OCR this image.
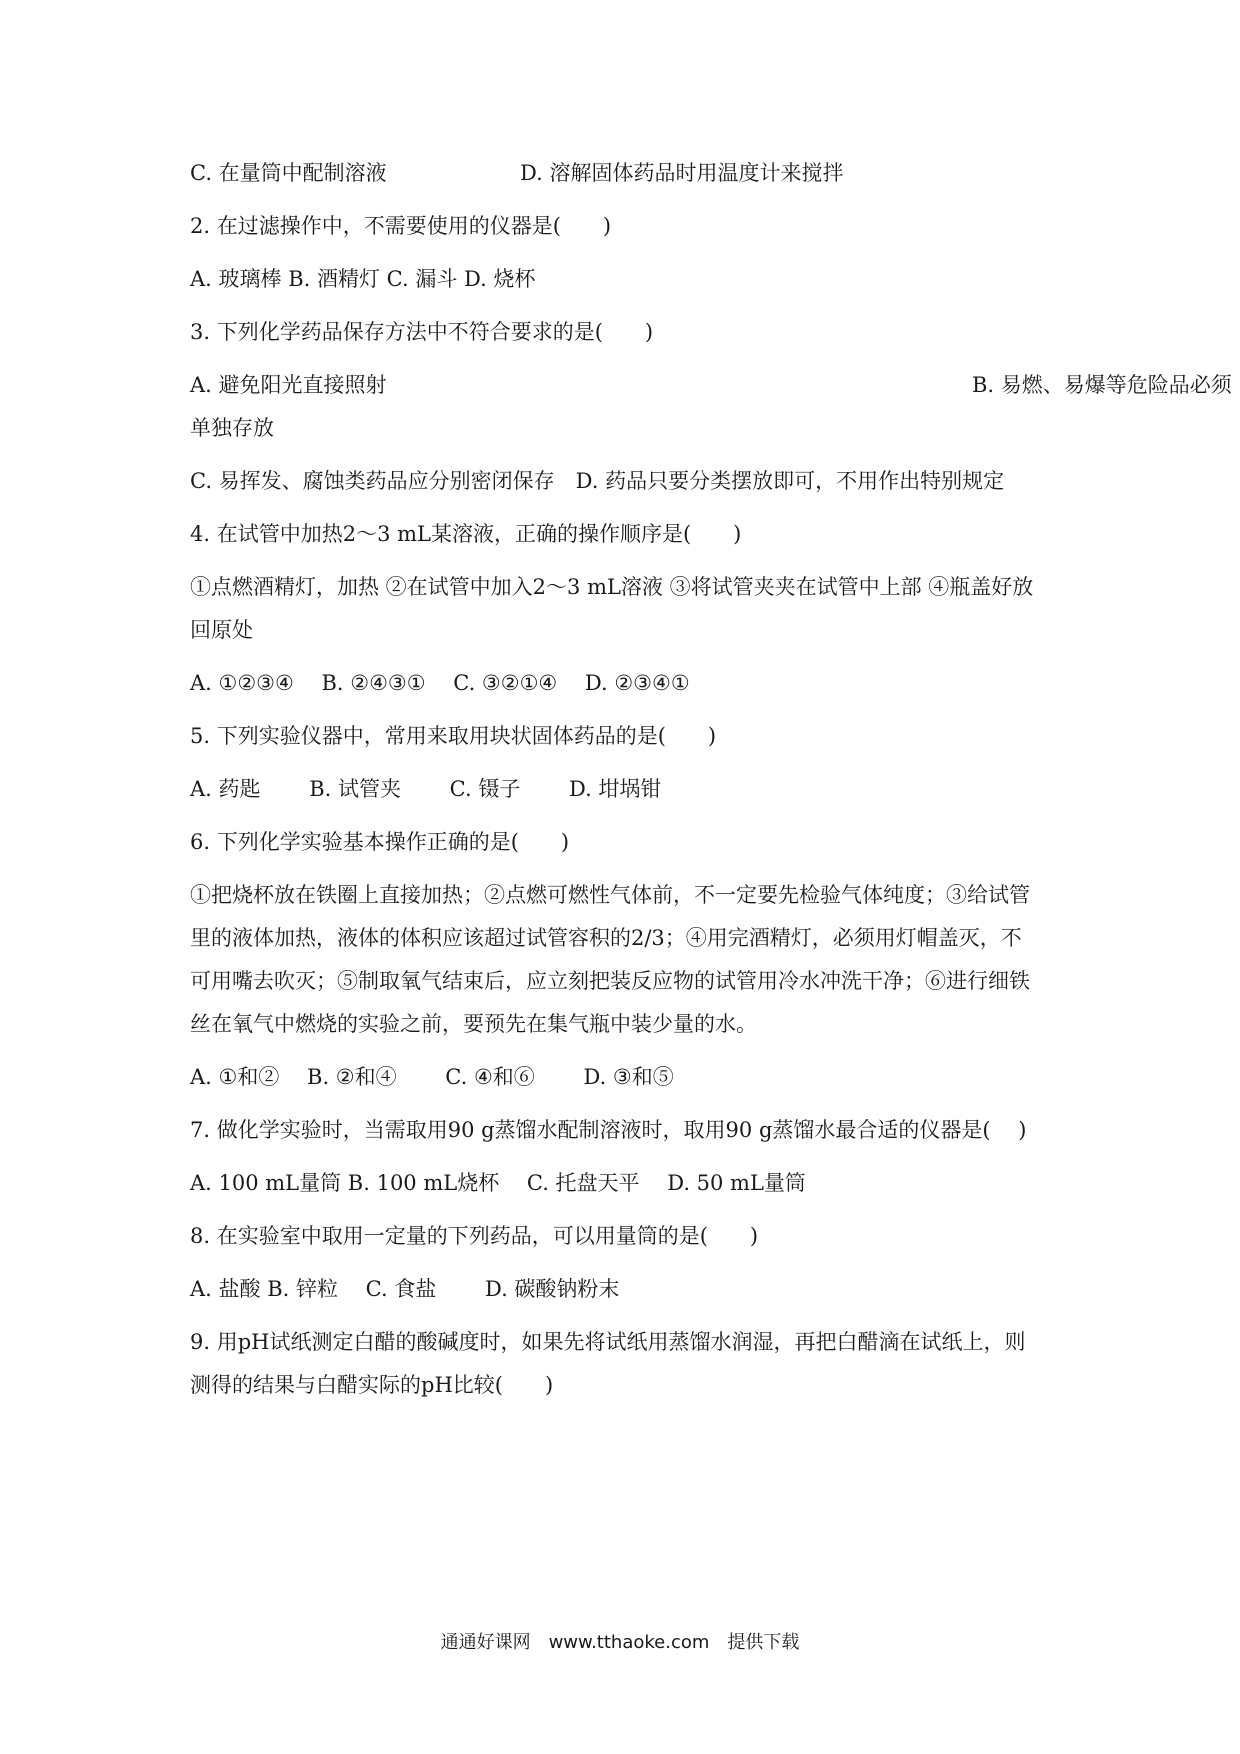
C. 在量筒中配制溶液	D. 溶解固体药品时用温度计来搅拌
2. 在过滤操作中，不需要使用的仪器是(　　)
A. 玻璃棒 B. 酒精灯 C. 漏斗 D. 烧杯
3. 下列化学药品保存方法中不符合要求的是(　　)
A. 避免阳光直接照射	B. 易燃、易爆等危险品必须
单独存放
C. 易挥发、腐蚀类药品应分别密闭保存　D. 药品只要分类摆放即可，不用作出特别规定
4. 在试管中加热2～3 mL某溶液，正确的操作顺序是(　　)
①点燃酒精灯，加热 ②在试管中加入2～3 mL溶液 ③将试管夹夹在试管中上部 ④瓶盖好放
回原处
A. ①②③④　 B. ②④③①　 C. ③②①④　 D. ②③④①
5. 下列实验仪器中，常用来取用块状固体药品的是(　　)
A. 药匙　　 B. 试管夹　　 C. 镊子　　 D. 坩埚钳
6. 下列化学实验基本操作正确的是(　　)
①把烧杯放在铁圈上直接加热；②点燃可燃性气体前，不一定要先检验气体纯度；③给试管
里的液体加热，液体的体积应该超过试管容积的2/3；④用完酒精灯，必须用灯帽盖灭，不
可用嘴去吹灭；⑤制取氧气结束后，应立刻把装反应物的试管用冷水冲洗干净；⑥进行细铁
丝在氧气中燃烧的实验之前，要预先在集气瓶中装少量的水。
A. ①和②　 B. ②和④　　 C. ④和⑥　　 D. ③和⑤
7. 做化学实验时，当需取用90 g蒸馏水配制溶液时，取用90 g蒸馏水最合适的仪器是(　 )
A. 100 mL量筒 B. 100 mL烧杯　 C. 托盘天平　 D. 50 mL量筒
8. 在实验室中取用一定量的下列药品，可以用量筒的是(　　)
A. 盐酸 B. 锌粒　 C. 食盐　　 D. 碳酸钠粉末
9. 用pH试纸测定白醋的酸碱度时，如果先将试纸用蒸馏水润湿，再把白醋滴在试纸上，则
测得的结果与白醋实际的pH比较(　　)
通通好课网　www.tthaoke.com　提供下载
